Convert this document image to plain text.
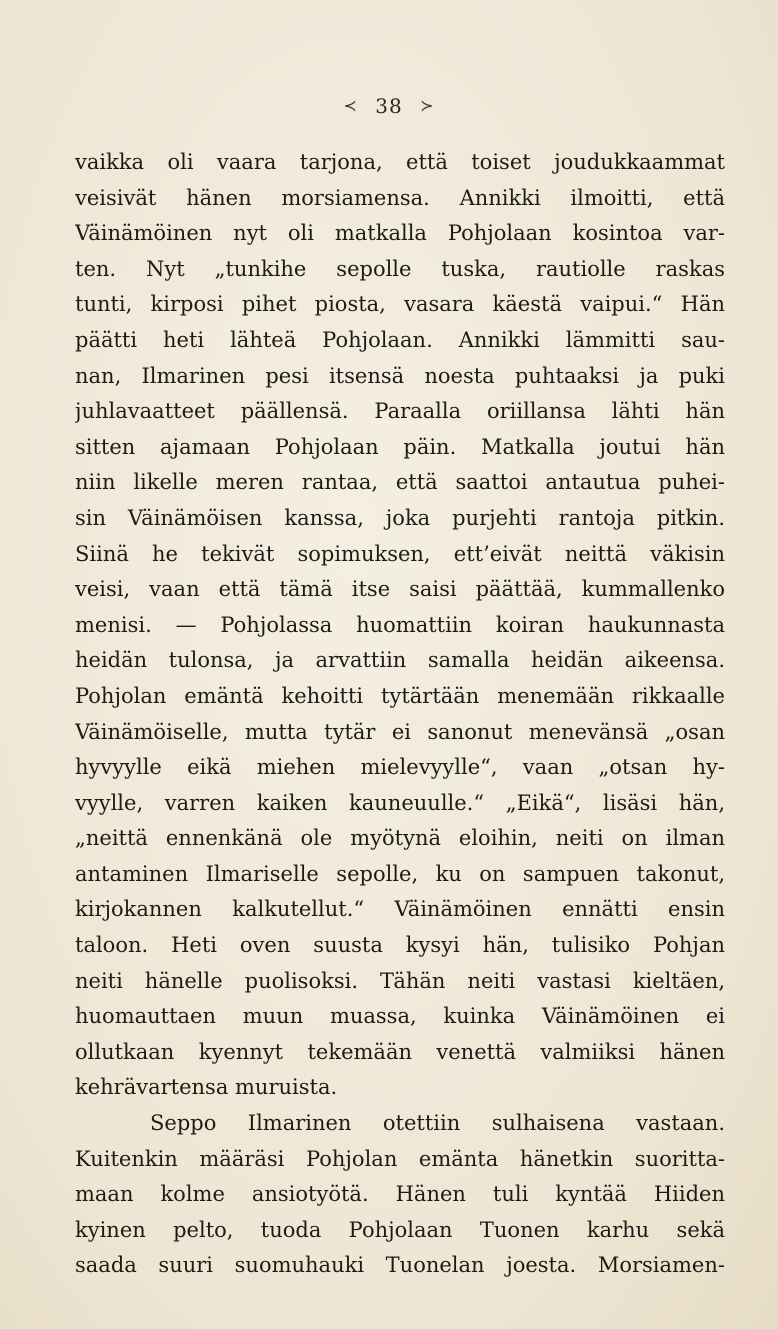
≺ 38 ≻
vaikka oli vaara tarjona, että toiset joudukkaammat
veisivät hänen morsiamensa. Annikki ilmoitti, että
Väinämöinen nyt oli matkalla Pohjolaan kosintoa var-
ten. Nyt „tunkihe sepolle tuska, rautiolle raskas
tunti, kirposi pihet piosta, vasara käestä vaipui.“ Hän
päätti heti lähteä Pohjolaan. Annikki lämmitti sau-
nan, Ilmarinen pesi itsensä noesta puhtaaksi ja puki
juhlavaatteet päällensä. Paraalla oriillansa lähti hän
sitten ajamaan Pohjolaan päin. Matkalla joutui hän
niin likelle meren rantaa, että saattoi antautua puhei-
sin Väinämöisen kanssa, joka purjehti rantoja pitkin.
Siinä he tekivät sopimuksen, ett’eivät neittä väkisin
veisi, vaan että tämä itse saisi päättää, kummallenko
menisi. — Pohjolassa huomattiin koiran haukunnasta
heidän tulonsa, ja arvattiin samalla heidän aikeensa.
Pohjolan emäntä kehoitti tytärtään menemään rikkaalle
Väinämöiselle, mutta tytär ei sanonut menevänsä „osan
hyvyylle eikä miehen mielevyylle“, vaan „otsan hy-
vyylle, varren kaiken kauneuulle.“ „Eikä“, lisäsi hän,
„neittä ennenkänä ole myötynä eloihin, neiti on ilman
antaminen Ilmariselle sepolle, ku on sampuen takonut,
kirjokannen kalkutellut.“ Väinämöinen ennätti ensin
taloon. Heti oven suusta kysyi hän, tulisiko Pohjan
neiti hänelle puolisoksi. Tähän neiti vastasi kieltäen,
huomauttaen muun muassa, kuinka Väinämöinen ei
ollutkaan kyennyt tekemään venettä valmiiksi hänen
kehrävartensa muruista.
Seppo Ilmarinen otettiin sulhaisena vastaan.
Kuitenkin määräsi Pohjolan emänta hänetkin suoritta-
maan kolme ansiotyötä. Hänen tuli kyntää Hiiden
kyinen pelto, tuoda Pohjolaan Tuonen karhu sekä
saada suuri suomuhauki Tuonelan joesta. Morsiamen-
